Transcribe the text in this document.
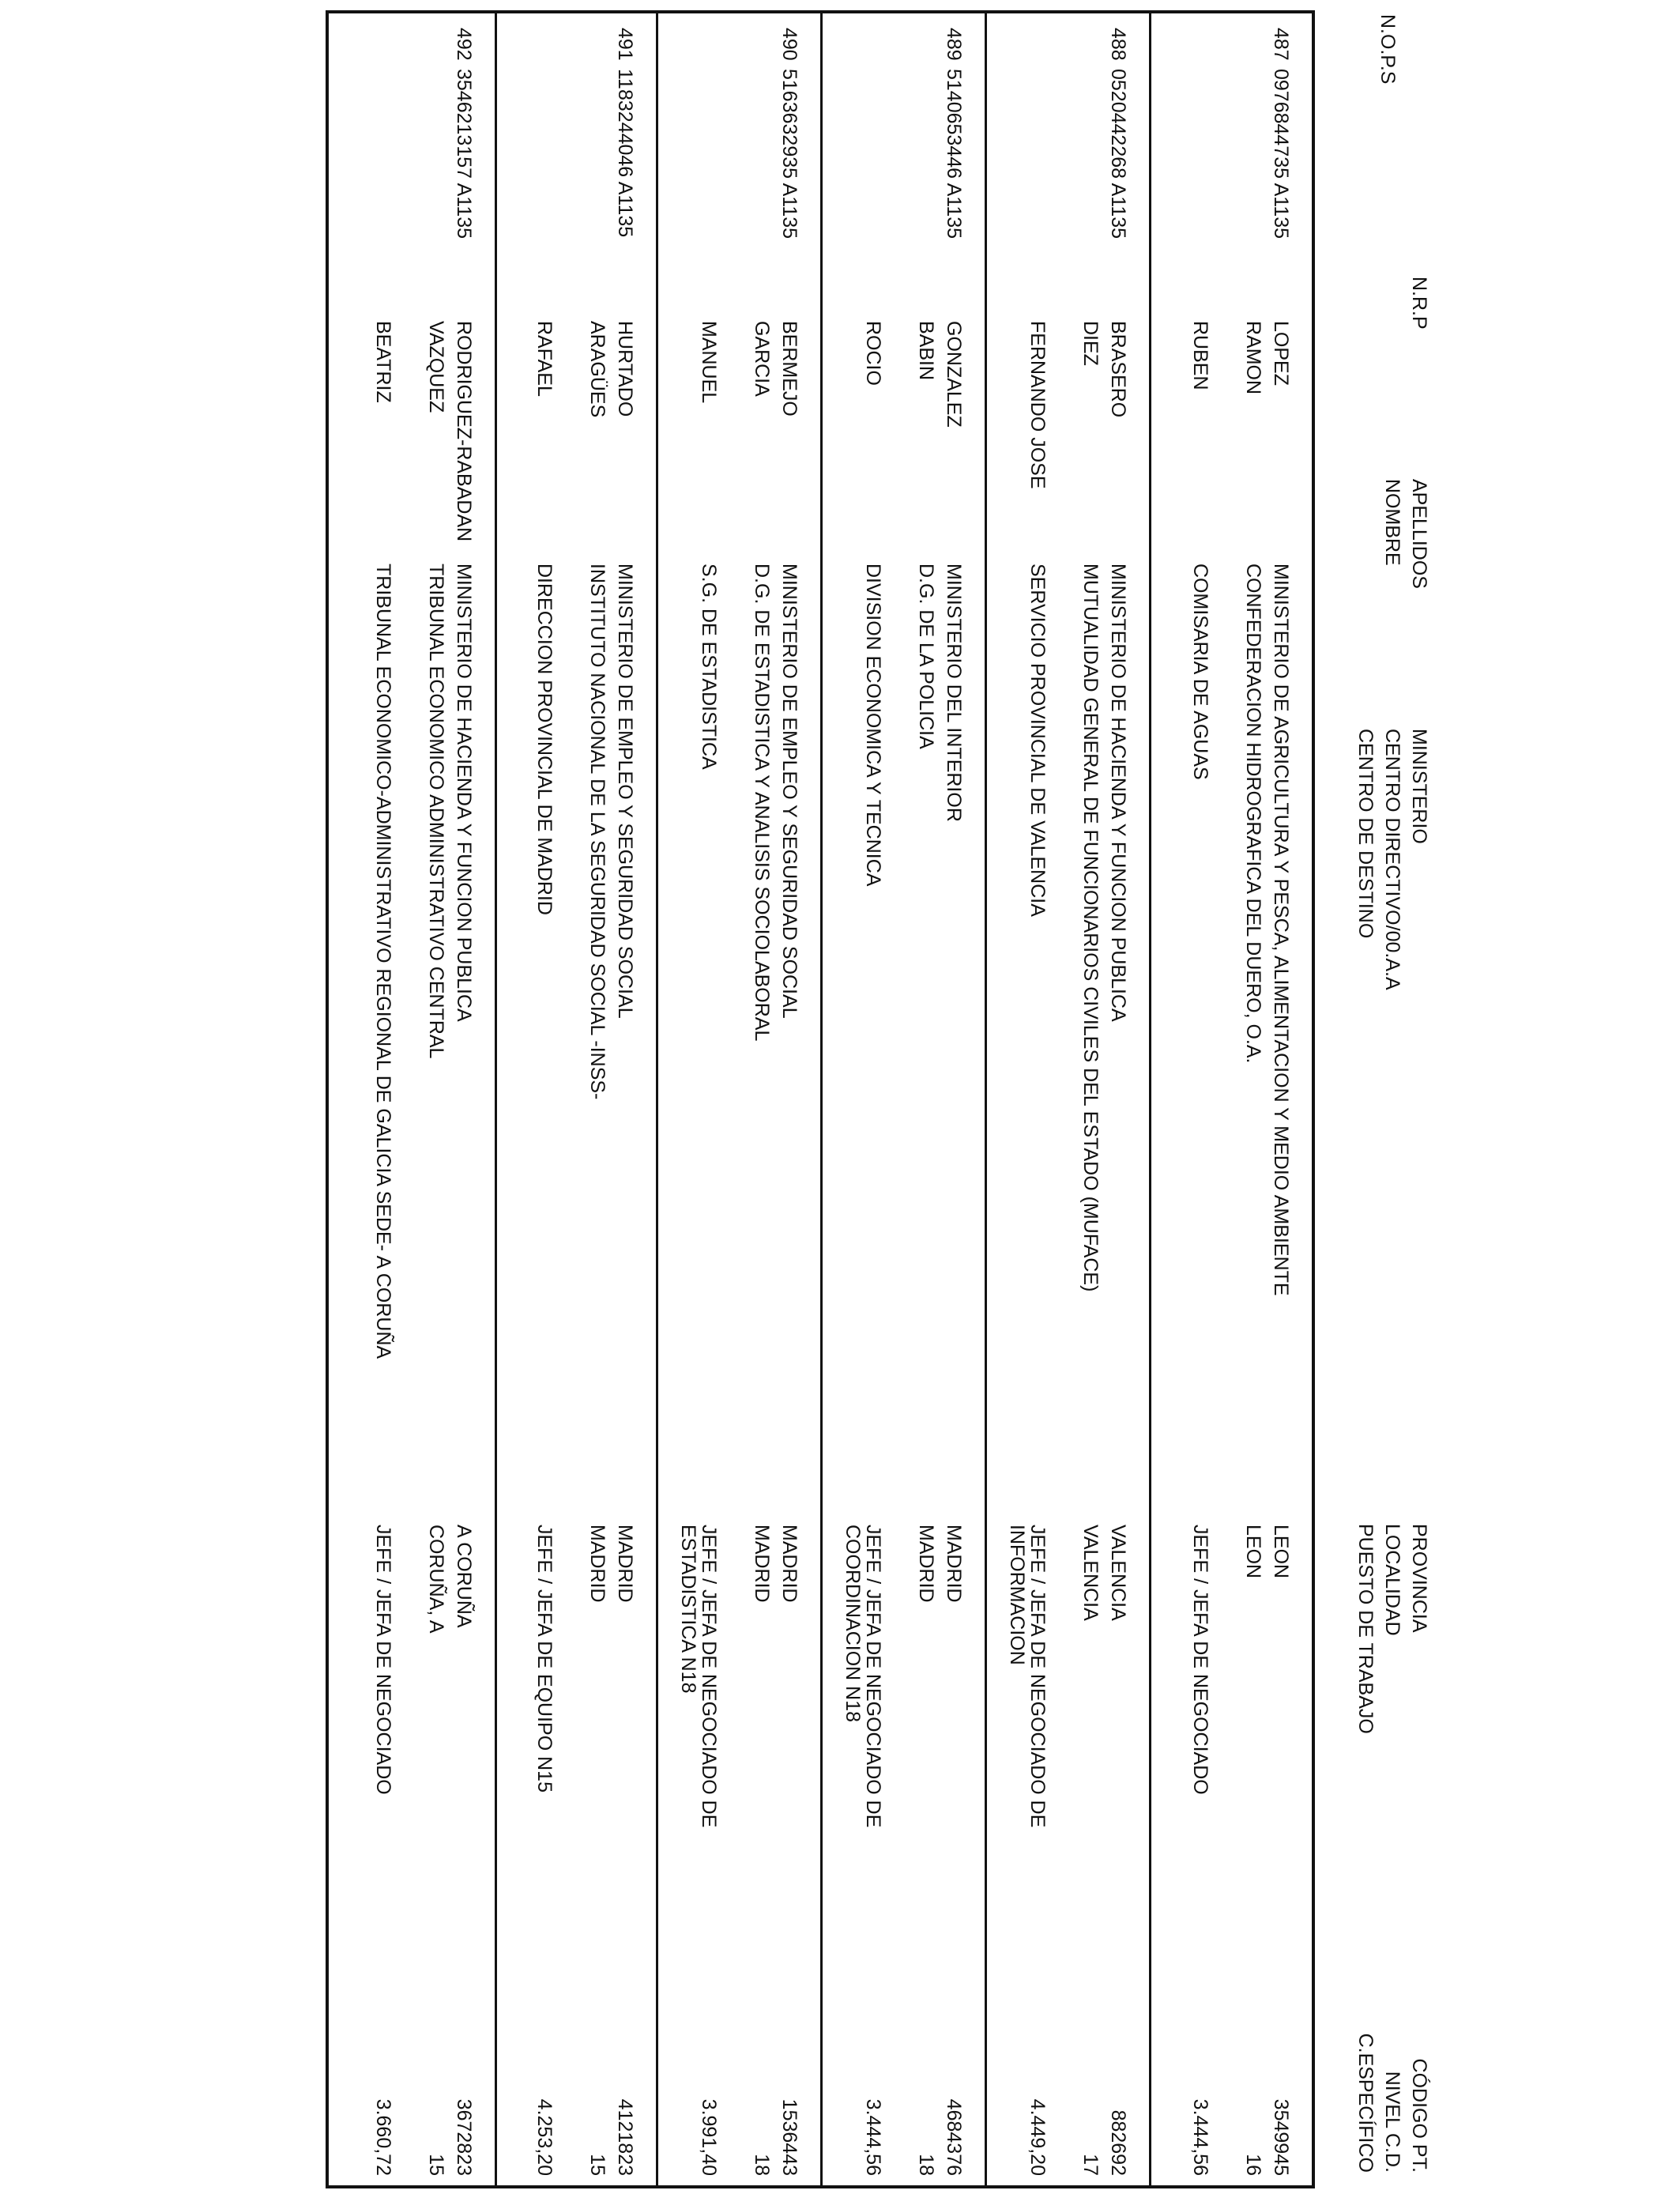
N.O.P.S
N.R.P
APELLIDOS
NOMBRE
MINISTERIO
CENTRO DIRECTIVO/00.A.A
CENTRO DE DESTINO
PROVINCIA
LOCALIDAD
PUESTO DE TRABAJO
CÓDIGO PT.
NIVEL C.D.
C.ESPECÍFICO
487
0976844735 A1135
LOPEZ
MINISTERIO DE AGRICULTURA Y PESCA, ALIMENTACION Y MEDIO AMBIENTE
LEON
3549945
RAMON
CONFEDERACION HIDROGRAFICA DEL DUERO, O.A.
LEON
16
RUBEN
COMISARIA DE AGUAS
JEFE / JEFA DE NEGOCIADO
3.444,56
488
0520442268 A1135
BRASERO
MINISTERIO DE HACIENDA Y FUNCION PUBLICA
VALENCIA
882692
DIEZ
MUTUALIDAD GENERAL DE FUNCIONARIOS CIVILES DEL ESTADO (MUFACE)
VALENCIA
17
FERNANDO JOSE
SERVICIO PROVINCIAL DE VALENCIA
JEFE / JEFA DE NEGOCIADO DE INFORMACION
4.449,20
489
5140653446 A1135
GONZALEZ
MINISTERIO DEL INTERIOR
MADRID
4684376
BABIN
D.G. DE LA POLICIA
MADRID
18
ROCIO
DIVISION ECONOMICA Y TECNICA
JEFE / JEFA DE NEGOCIADO DE COORDINACION N18
3.444,56
490
5163632935 A1135
BERMEJO
MINISTERIO DE EMPLEO Y SEGURIDAD SOCIAL
MADRID
1536443
GARCIA
D.G. DE ESTADISTICA Y ANALISIS SOCIOLABORAL
MADRID
18
MANUEL
S.G. DE ESTADISTICA
JEFE / JEFA DE NEGOCIADO DE ESTADISTICA N18
3.991,40
491
1183244046 A1135
HURTADO
MINISTERIO DE EMPLEO Y SEGURIDAD SOCIAL
MADRID
4121823
ARAGÜES
INSTITUTO NACIONAL DE LA SEGURIDAD SOCIAL -INSS-
MADRID
15
RAFAEL
DIRECCION PROVINCIAL DE MADRID
JEFE / JEFA DE EQUIPO N15
4.253,20
492
3546213157 A1135
RODRIGUEZ-RABADAN
MINISTERIO DE HACIENDA Y FUNCION PUBLICA
A CORUÑA
3672823
VAZQUEZ
TRIBUNAL ECONOMICO ADMINISTRATIVO CENTRAL
CORUÑA, A
15
BEATRIZ
TRIBUNAL ECONOMICO-ADMINISTRATIVO REGIONAL DE GALICIA SEDE- A CORUÑA
JEFE / JEFA DE NEGOCIADO
3.660,72
